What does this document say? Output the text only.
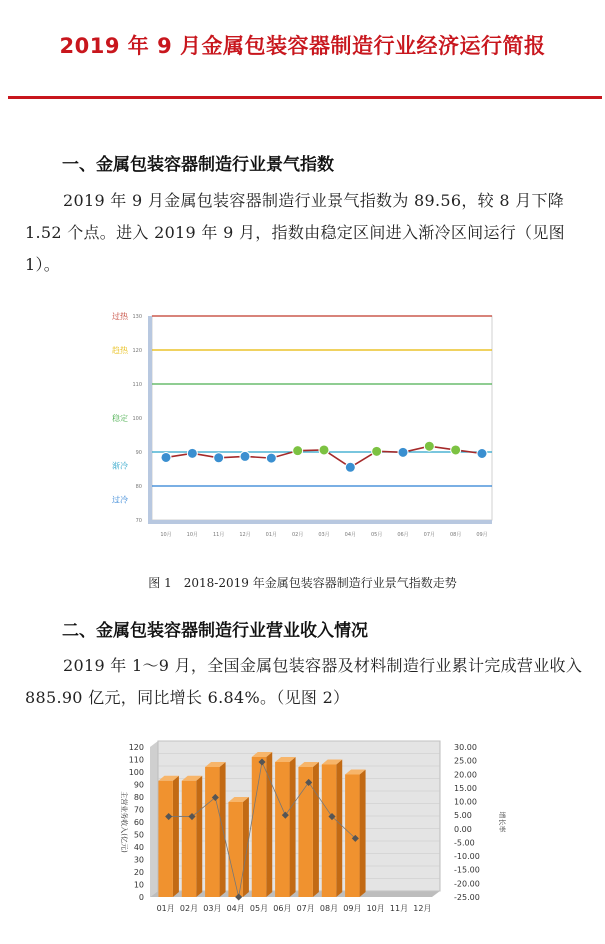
2019 年 9 月金属包装容器制造行业经济运行简报
一、金属包装容器制造行业景气指数
2019 年 9 月金属包装容器制造行业景气指数为 89.56，较 8 月下降 1.52 个点。进入 2019 年 9 月，指数由稳定区间进入渐冷区间运行（见图 1）。
70
80
90
100
110
120
130
过热
趋热
稳定
渐冷
过冷
10月	10月	11月	12月	01月	02月	03月	04月	05月	06月	07月	08月	09月
图 1　2018-2019 年金属包装容器制造行业景气指数走势
二、金属包装容器制造行业营业收入情况
2019 年 1～9 月，全国金属包装容器及材料制造行业累计完成营业收入 885.90 亿元，同比增长 6.84%。（见图 2）
0
10
20
30
40
50
60
70
80
90
100
110
120
-25.00
-20.00
-15.00
-10.00
-5.00
0.00
5.00
10.00
15.00
20.00
25.00
30.00
主营业务收入(亿元)	增长率
01月 02月 03月 04月 05月 06月 07月 08月 09月 10月 11月 12月
